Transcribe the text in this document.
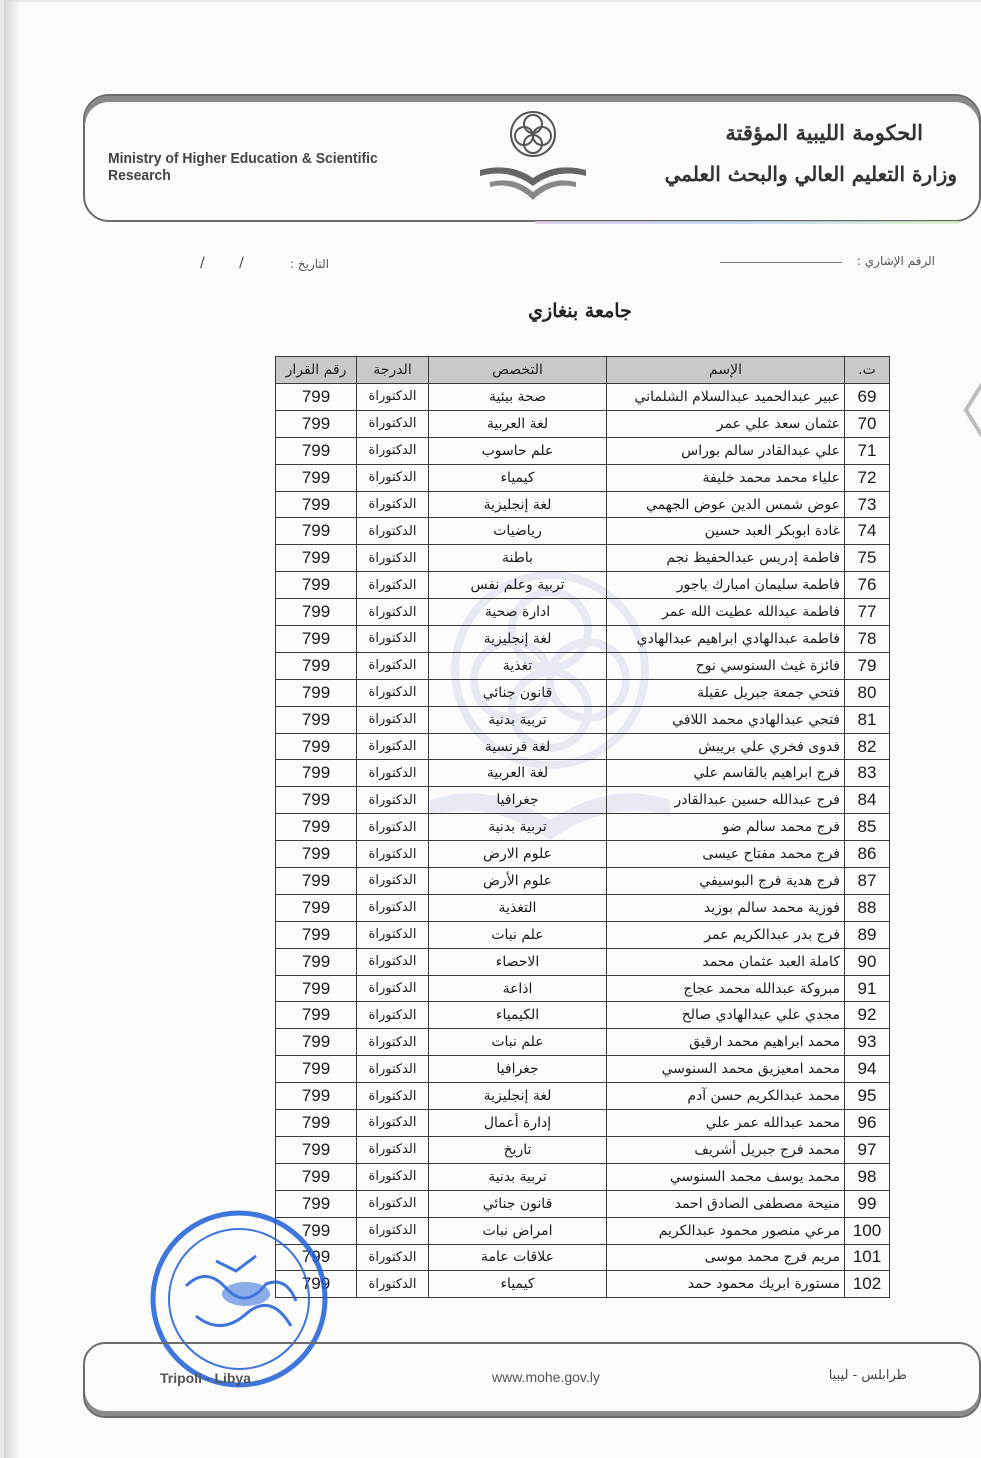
الحكومة الليبية المؤقتة
وزارة التعليم العالي والبحث العلمي
Ministry of Higher Education & Scientific Research
الرقم الإشاري :
التاريخ :
/ /
جامعة بنغازي
ت.	الإسم	التخصص	الدرجة	رقم القرار
69	عبير عبدالحميد عبدالسلام الشلماني	صحة بيئية	الدكتوراة	799
70	عثمان سعد علي عمر	لغة العربية	الدكتوراة	799
71	علي عبدالقادر سالم بوراس	علم حاسوب	الدكتوراة	799
72	علياء محمد محمد خليفة	كيمياء	الدكتوراة	799
73	عوض شمس الدين عوض الجهمي	لغة إنجليزية	الدكتوراة	799
74	غادة ابوبكر العبد حسين	رياضيات	الدكتوراة	799
75	فاطمة إدريس عبدالحفيظ نجم	باطنة	الدكتوراة	799
76	فاطمة سليمان امبارك باجور	تربية وعلم نفس	الدكتوراة	799
77	فاطمة عبدالله عطيت الله عمر	ادارة صحية	الدكتوراة	799
78	فاطمة عبدالهادي ابراهيم عبدالهادي	لغة إنجليزية	الدكتوراة	799
79	فائزة غيث السنوسي نوح	تغذية	الدكتوراة	799
80	فتحي جمعة جبريل عقيلة	قانون جنائي	الدكتوراة	799
81	فتحي عبدالهادي محمد اللافي	تربية بدنية	الدكتوراة	799
82	فدوى فخري علي بريبش	لغة فرنسية	الدكتوراة	799
83	فرج ابراهيم بالقاسم علي	لغة العربية	الدكتوراة	799
84	فرج عبدالله حسين عبدالقادر	جغرافيا	الدكتوراة	799
85	فرج محمد سالم ضو	تربية بدنية	الدكتوراة	799
86	فرج محمد مفتاح عيسى	علوم الارض	الدكتوراة	799
87	فرج هدية فرج البوسيفي	علوم الأرض	الدكتوراة	799
88	فوزية محمد سالم بوزيد	التغذية	الدكتوراة	799
89	فرج بدر عبدالكريم عمر	علم نبات	الدكتوراة	799
90	كاملة العبد عثمان محمد	الاحصاء	الدكتوراة	799
91	مبروكة عبدالله محمد عجاج	اذاعة	الدكتوراة	799
92	مجدي علي عبدالهادي صالح	الكيمياء	الدكتوراة	799
93	محمد ابراهيم محمد ارقيق	علم نبات	الدكتوراة	799
94	محمد امعيزيق محمد السنوسي	جغرافيا	الدكتوراة	799
95	محمد عبدالكريم حسن آدم	لغة إنجليزية	الدكتوراة	799
96	محمد عبدالله عمر علي	إدارة أعمال	الدكتوراة	799
97	محمد فرج جبريل أشريف	تاريخ	الدكتوراة	799
98	محمد يوسف محمد السنوسي	تربية بدنية	الدكتوراة	799
99	منيحة مصطفى الصادق احمد	قانون جنائي	الدكتوراة	799
100	مرعي منصور محمود عبدالكريم	امراض نبات	الدكتوراة	799
101	مريم فرج محمد موسى	علاقات عامة	الدكتوراة	799
102	مستورة ابريك محمود حمد	كيمياء	الدكتوراة	799
طرابلس - ليبيا
www.mohe.gov.ly
Tripoli - Libya
